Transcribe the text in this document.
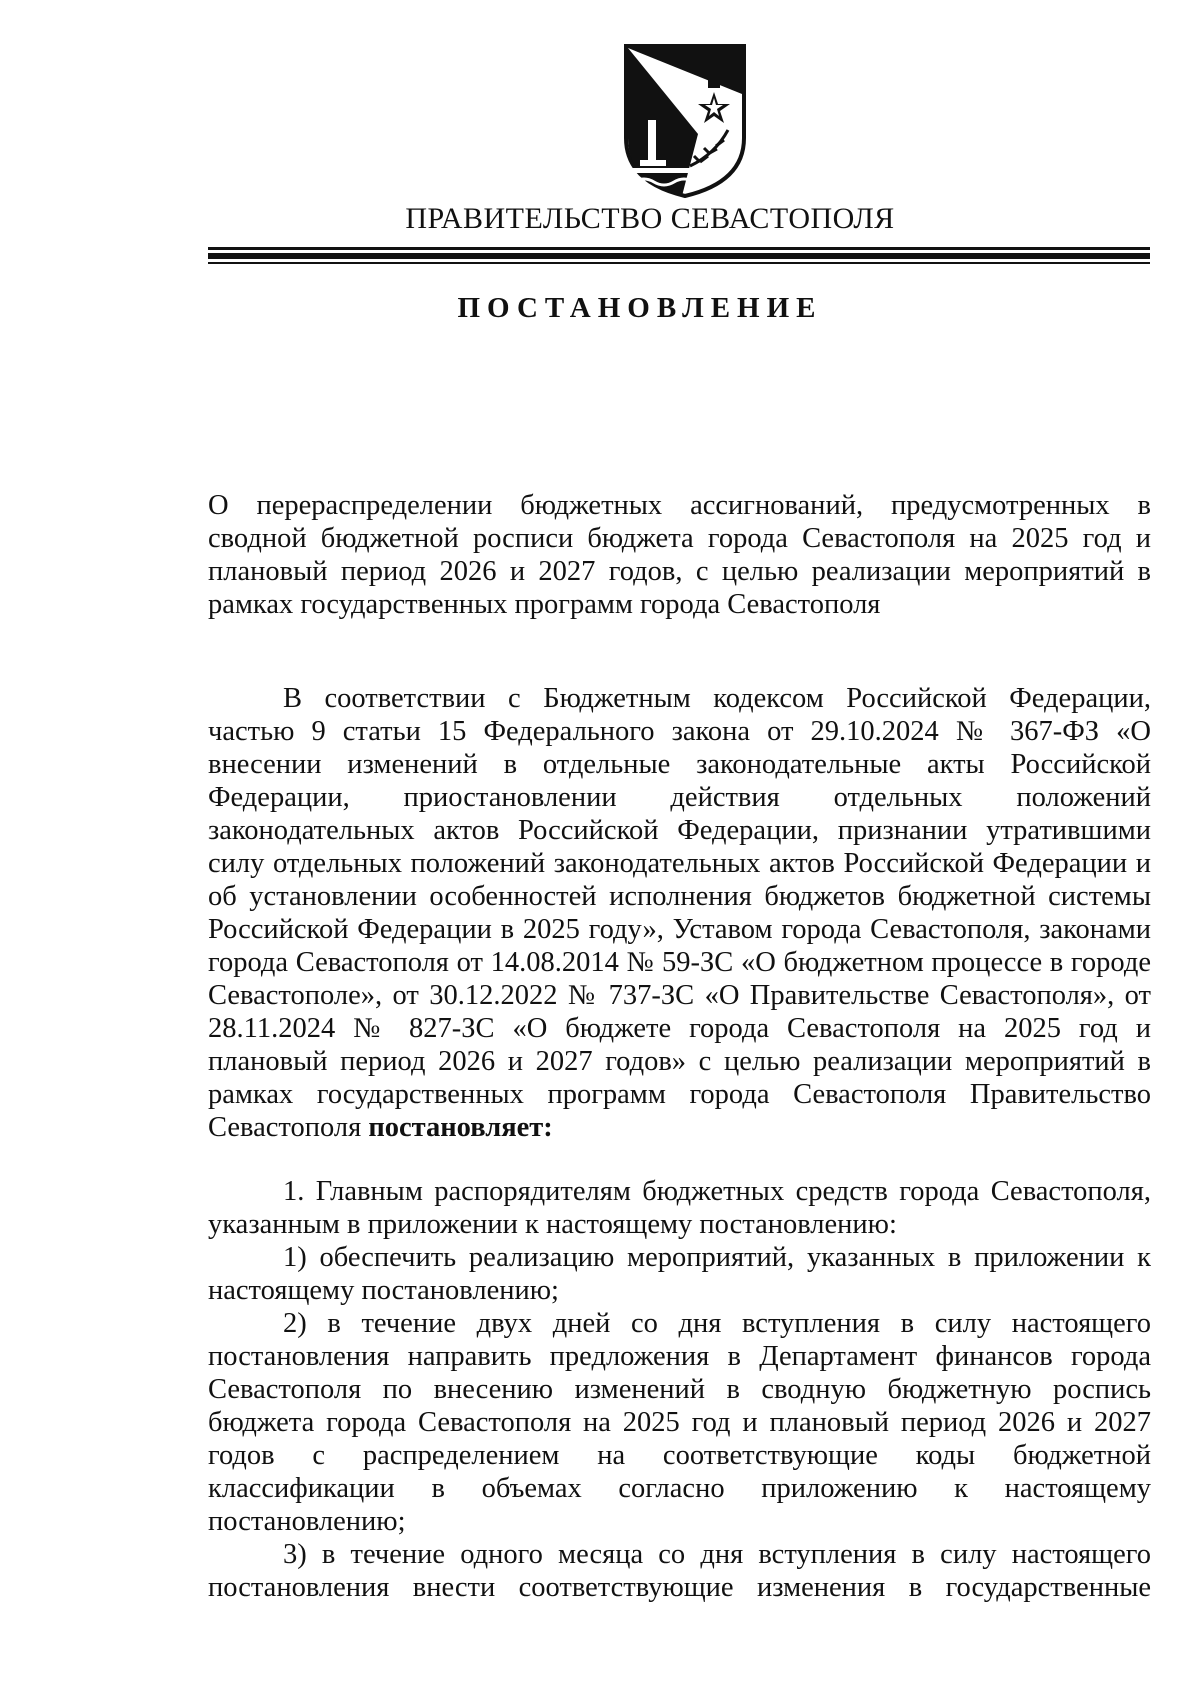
ПРАВИТЕЛЬСТВО СЕВАСТОПОЛЯ
ПОСТАНОВЛЕНИЕ

О перераспределении бюджетных ассигнований, предусмотренных в сводной бюджетной росписи бюджета города Севастополя на 2025 год и плановый период 2026 и 2027 годов, с целью реализации мероприятий в рамках государственных программ города Севастополя

В соответствии с Бюджетным кодексом Российской Федерации, частью 9 статьи 15 Федерального закона от 29.10.2024 № 367-ФЗ «О внесении изменений в отдельные законодательные акты Российской Федерации, приостановлении действия отдельных положений законодательных актов Российской Федерации, признании утратившими силу отдельных положений законодательных актов Российской Федерации и об установлении особенностей исполнения бюджетов бюджетной системы Российской Федерации в 2025 году», Уставом города Севастополя, законами города Севастополя от 14.08.2014 № 59-ЗС «О бюджетном процессе в городе Севастополе», от 30.12.2022 № 737-ЗС «О Правительстве Севастополя», от 28.11.2024 № 827-ЗС «О бюджете города Севастополя на 2025 год и плановый период 2026 и 2027 годов» с целью реализации мероприятий в рамках государственных программ города Севастополя Правительство Севастополя постановляет:

1. Главным распорядителям бюджетных средств города Севастополя, указанным в приложении к настоящему постановлению:

1) обеспечить реализацию мероприятий, указанных в приложении к настоящему постановлению;

2) в течение двух дней со дня вступления в силу настоящего постановления направить предложения в Департамент финансов города Севастополя по внесению изменений в сводную бюджетную роспись бюджета города Севастополя на 2025 год и плановый период 2026 и 2027 годов с распределением на соответствующие коды бюджетной классификации в объемах согласно приложению к настоящему постановлению;

3) в течение одного месяца со дня вступления в силу настоящего постановления внести соответствующие изменения в государственные
